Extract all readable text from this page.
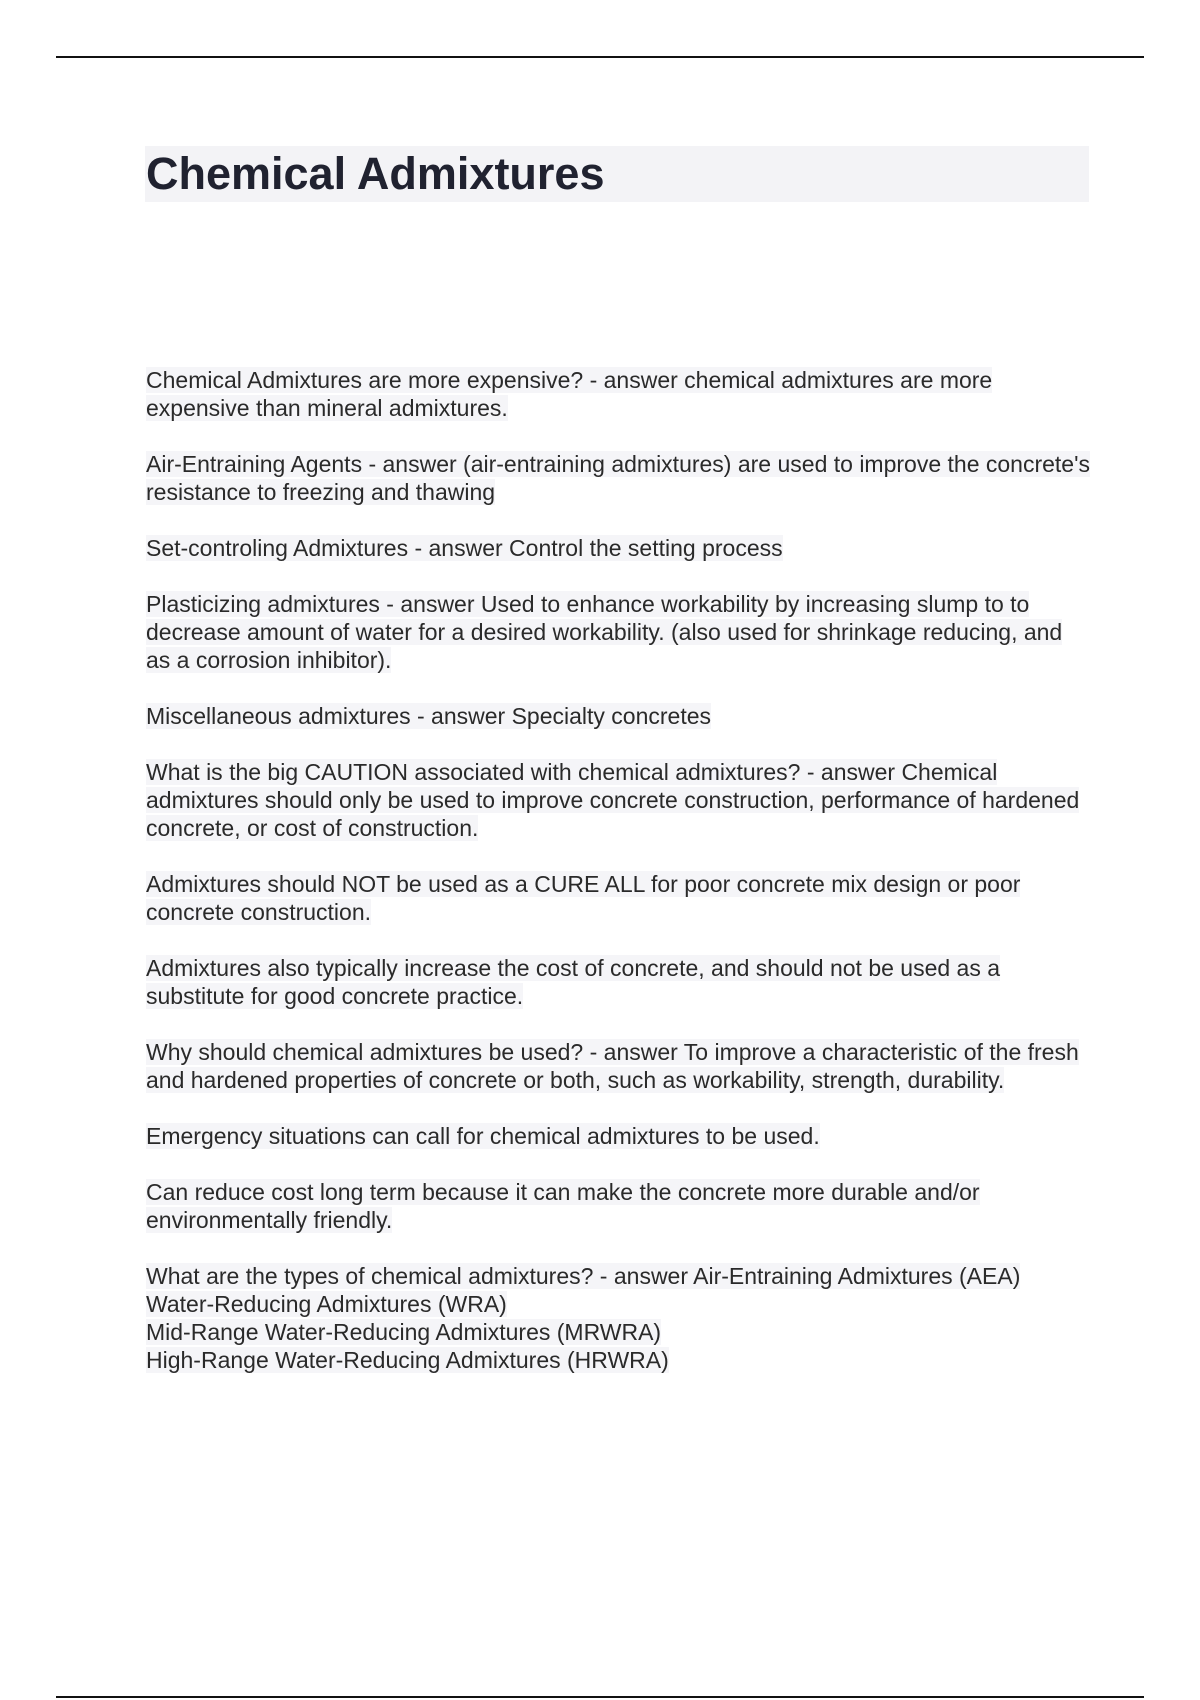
Chemical Admixtures

Chemical Admixtures are more expensive? - answer chemical admixtures are more expensive than mineral admixtures.

Air-Entraining Agents - answer (air-entraining admixtures) are used to improve the concrete's resistance to freezing and thawing

Set-controling Admixtures - answer Control the setting process

Plasticizing admixtures - answer Used to enhance workability by increasing slump to to decrease amount of water for a desired workability. (also used for shrinkage reducing, and as a corrosion inhibitor).

Miscellaneous admixtures - answer Specialty concretes

What is the big CAUTION associated with chemical admixtures? - answer Chemical admixtures should only be used to improve concrete construction, performance of hardened concrete, or cost of construction.

Admixtures should NOT be used as a CURE ALL for poor concrete mix design or poor concrete construction.

Admixtures also typically increase the cost of concrete, and should not be used as a substitute for good concrete practice.

Why should chemical admixtures be used? - answer To improve a characteristic of the fresh and hardened properties of concrete or both, such as workability, strength, durability.

Emergency situations can call for chemical admixtures to be used.

Can reduce cost long term because it can make the concrete more durable and/or environmentally friendly.

What are the types of chemical admixtures? - answer Air-Entraining Admixtures (AEA)
Water-Reducing Admixtures (WRA)
Mid-Range Water-Reducing Admixtures (MRWRA)
High-Range Water-Reducing Admixtures (HRWRA)
